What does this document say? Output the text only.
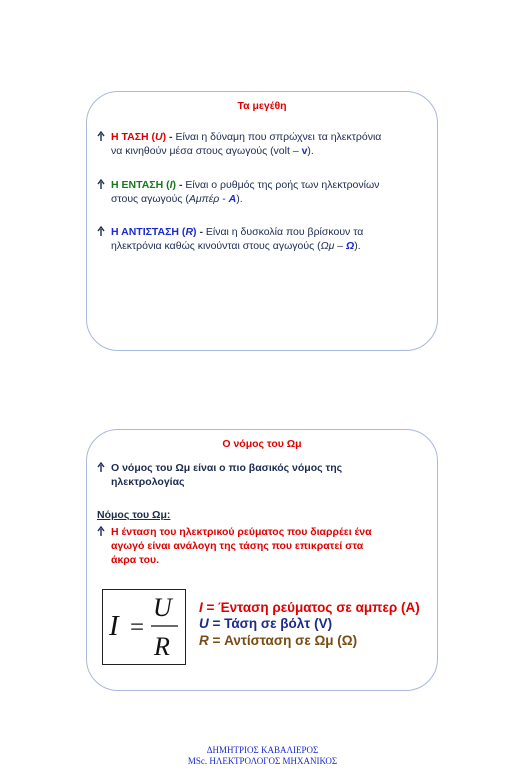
Τα μεγέθη
Η ΤΑΣΗ (U) - Είναι η δύναμη που σπρώχνει τα ηλεκτρόνια
να κινηθούν μέσα στους αγωγούς (volt – v).
Η ΕΝΤΑΣΗ (I) - Είναι ο ρυθμός της ροής των ηλεκτρονίων
στους αγωγούς (Αμπέρ - A).
Η ΑΝΤΙΣΤΑΣΗ (R) - Είναι η δυσκολία που βρίσκουν τα
ηλεκτρόνια καθώς κινούνται στους αγωγούς (Ωμ – Ω).
Ο νόμος του Ωμ
Ο νόμος του Ωμ είναι ο πιο βασικός νόμος της
ηλεκτρολογίας
Νόμος του Ωμ:
Η ένταση του ηλεκτρικού ρεύματος που διαρρέει ένα
αγωγό είναι ανάλογη της τάσης που επικρατεί στα
άκρα του.
I =
U
R
I = Ένταση ρεύματος σε αμπερ (A)
U = Τάση σε βόλτ (V)
R = Αντίσταση σε Ωμ (Ω)
ΔΗΜΗΤΡΙΟΣ ΚΑΒΑΛΙΕΡΟΣ
MSc. ΗΛΕΚΤΡΟΛΟΓΟΣ ΜΗΧΑΝΙΚΟΣ
